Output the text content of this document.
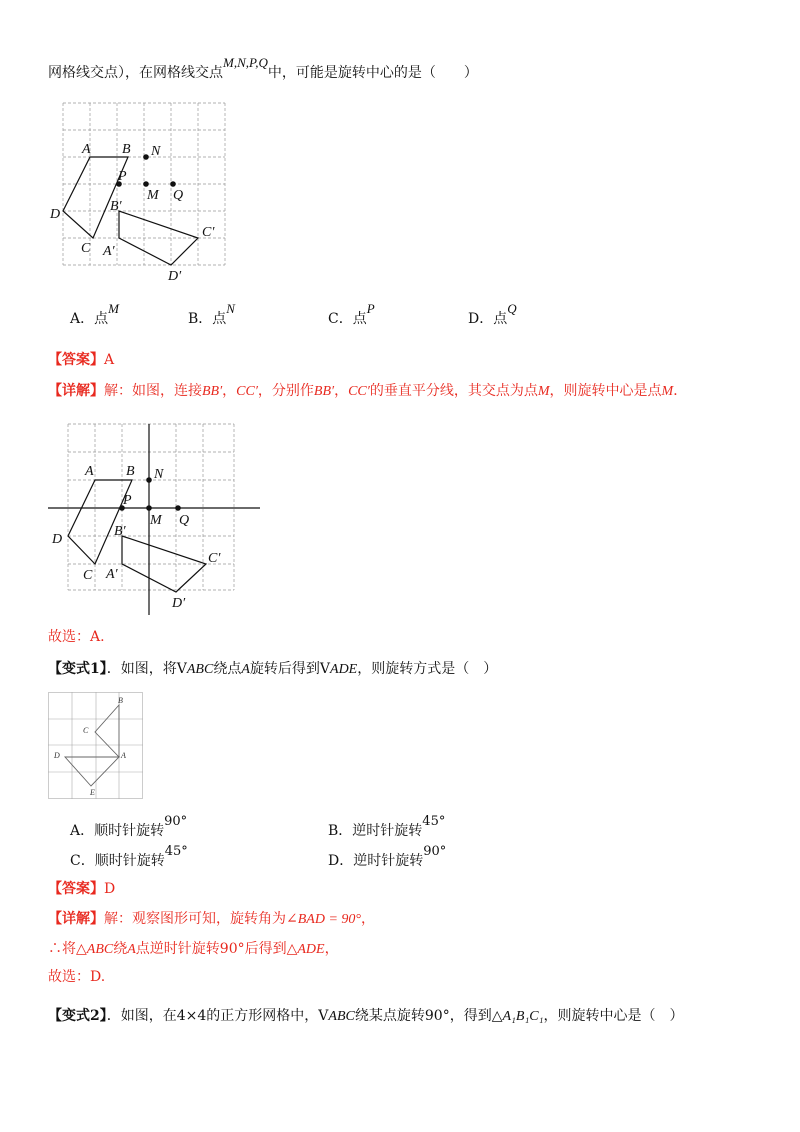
网格线交点），在网格线交点M,N,P,Q中，可能是旋转中心的是（　　）
A B N
P
M Q
D
B′
C′
C A′
D′
A．点M
B．点N
C．点P
D．点Q
【答案】A
【详解】解：如图，连接BB′，CC′，分别作BB′，CC′的垂直平分线，其交点为点M，则旋转中心是点M．
A B N
P
M Q
D
B′
C′
C A′
D′
故选：A.
【变式1】．如图，将VABC绕点A旋转后得到VADE，则旋转方式是（　）
B
C
D	A
E
A．顺时针旋转90°
B．逆时针旋转45°
C．顺时针旋转45°
D．逆时针旋转90°
【答案】D
【详解】解：观察图形可知，旋转角为∠BAD = 90°，
∴将△ABC绕A点逆时针旋转90°后得到△ADE，
故选：D.
【变式2】．如图，在4×4的正方形网格中，VABC绕某点旋转90°，得到△A₁B₁C₁，则旋转中心是（　）
